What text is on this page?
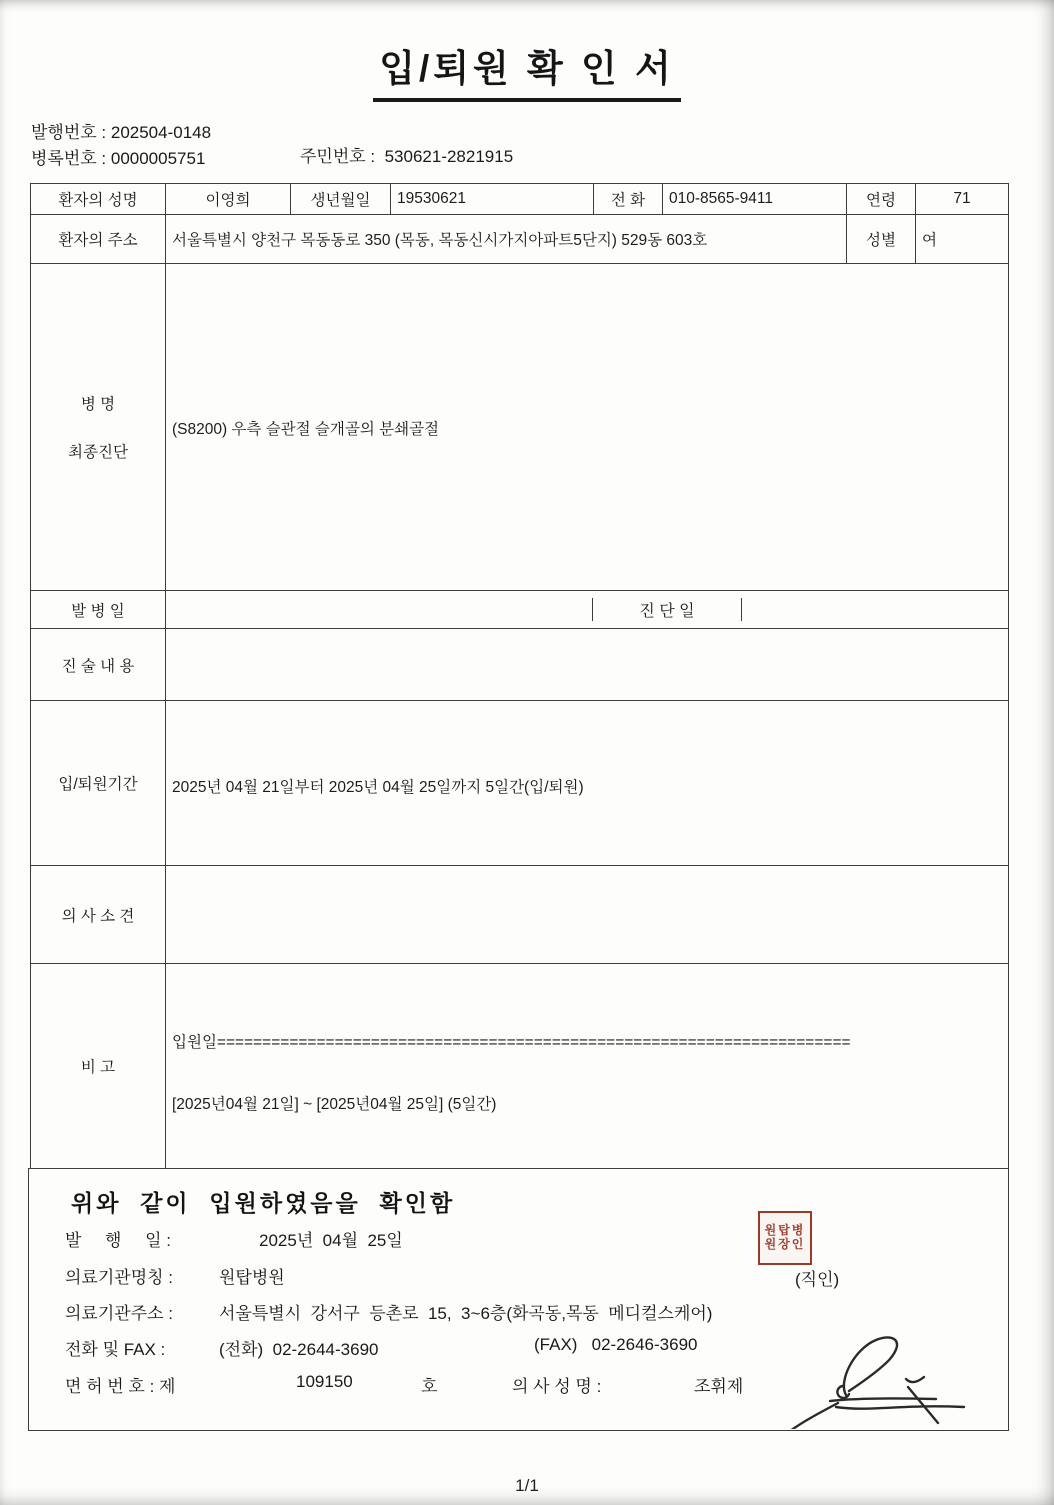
입/퇴원 확 인 서
발행번호 : 202504-0148
병록번호 : 0000005751	주민번호 :  530621-2821915
환자의 성명	이영희	생년월일	19530621	전 화	010-8565-9411	연령	71
환자의 주소	서울특별시 양천구 목동동로 350 (목동, 목동신시가지아파트5단지) 529동 603호					성별	여

병 명
최종진단	(S8200) 우측 슬관절 슬개골의 분쇄골절						
발 병 일	진 단 일						

진 술 내 용							
입/퇴원기간	2025년 04월 21일부터 2025년 04월 25일까지 5일간(입/퇴원)						
의 사 소 견							
비 고	입원일======================================================================

[2025년04월 21일] ~ [2025년04월 25일] (5일간)						

위와  같이  입원하였음을  확인함
발     행     일 :	2025년  04월  25일
의료기관명칭 :	원탑병원
의료기관주소 :	서울특별시  강서구  등촌로  15,  3~6층(화곡동,목동  메디컬스케어)
전화 및 FAX :	(전화)  02-2644-3690	(FAX)   02-2646-3690
면 허 번 호 : 제	109150	호	의 사 성 명 :	조휘제
원탑병
원장인
(직인)
1/1
